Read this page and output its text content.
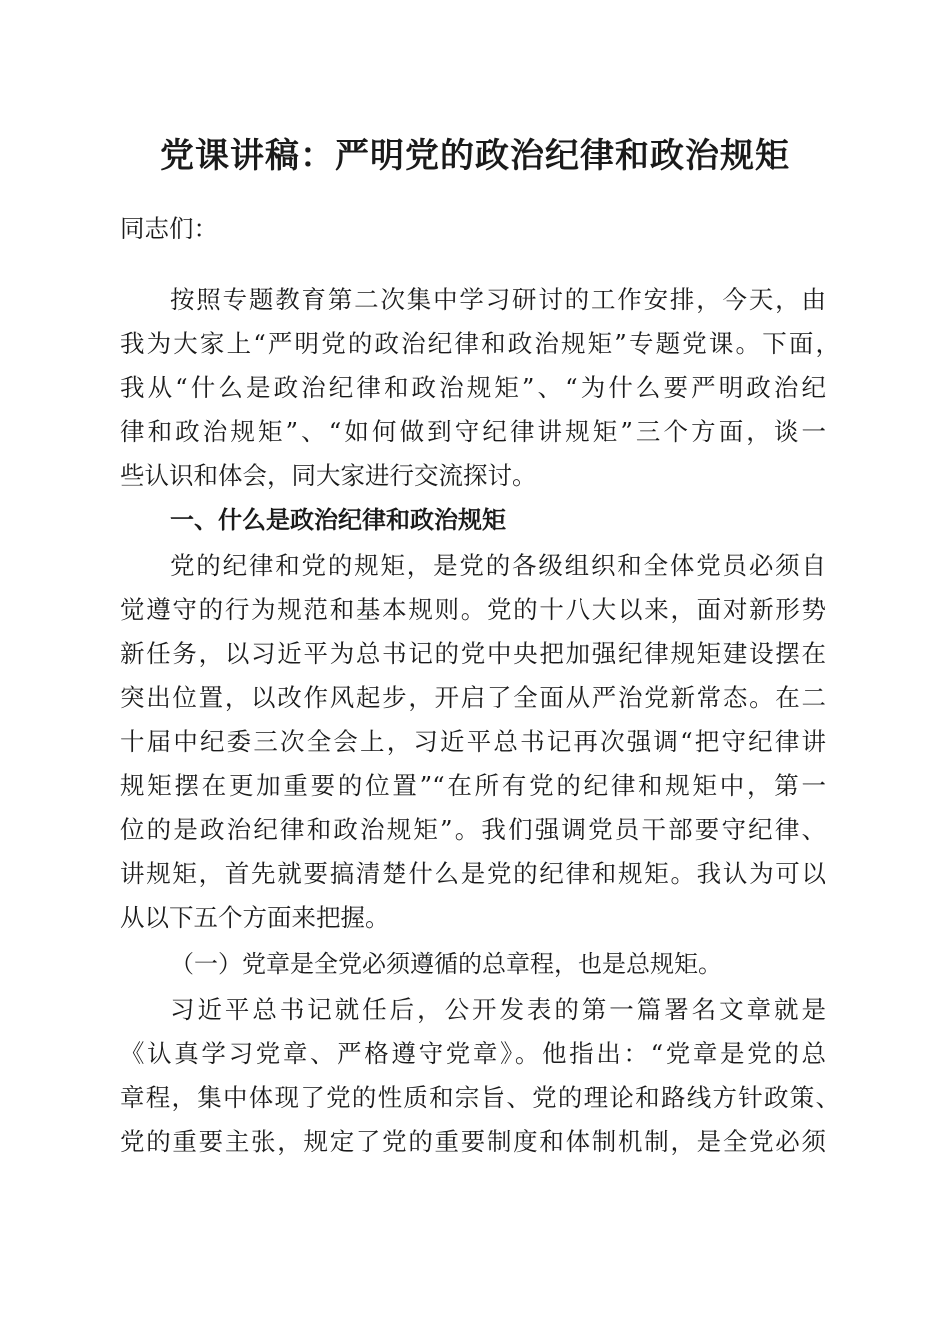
党课讲稿：严明党的政治纪律和政治规矩
同志们：
按照专题教育第二次集中学习研讨的工作安排，今天，由
我为大家上“严明党的政治纪律和政治规矩”专题党课。下面，
我从“什么是政治纪律和政治规矩”、“为什么要严明政治纪
律和政治规矩”、“如何做到守纪律讲规矩”三个方面，谈一
些认识和体会，同大家进行交流探讨。
一、什么是政治纪律和政治规矩
党的纪律和党的规矩，是党的各级组织和全体党员必须自
觉遵守的行为规范和基本规则。党的十八大以来，面对新形势
新任务，以习近平为总书记的党中央把加强纪律规矩建设摆在
突出位置，以改作风起步，开启了全面从严治党新常态。在二
十届中纪委三次全会上，习近平总书记再次强调“把守纪律讲
规矩摆在更加重要的位置”“在所有党的纪律和规矩中，第一
位的是政治纪律和政治规矩”。我们强调党员干部要守纪律、
讲规矩，首先就要搞清楚什么是党的纪律和规矩。我认为可以
从以下五个方面来把握。
（一）党章是全党必须遵循的总章程，也是总规矩。
习近平总书记就任后，公开发表的第一篇署名文章就是
《认真学习党章、严格遵守党章》。他指出：“党章是党的总
章程，集中体现了党的性质和宗旨、党的理论和路线方针政策、
党的重要主张，规定了党的重要制度和体制机制，是全党必须
